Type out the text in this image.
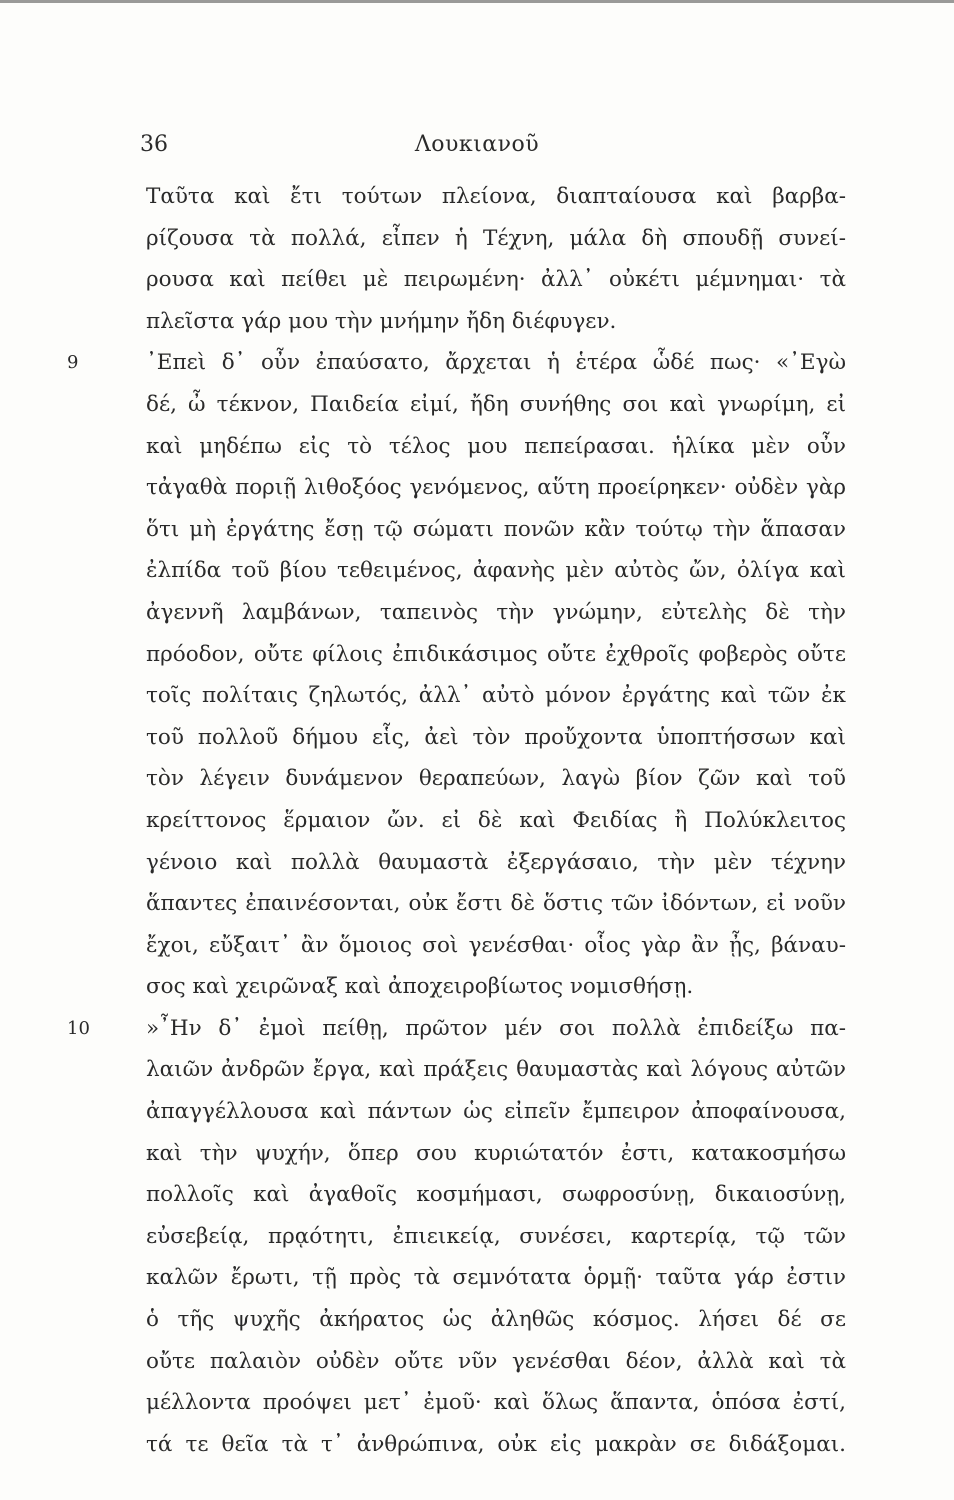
36	Λουκιανοῦ
Ταῦτα καὶ ἔτι τούτων πλείονα, διαπταίουσα καὶ βαρβα-
ρίζουσα τὰ πολλά, εἶπεν ἡ Τέχνη, μάλα δὴ σπουδῇ συνεί-
ρουσα καὶ πείθει μὲ πειρωμένη· ἀλλ᾿ οὐκέτι μέμνημαι· τὰ
πλεῖστα γάρ μου τὴν μνήμην ἤδη διέφυγεν.
9	᾿Επεὶ δ᾿ οὖν ἐπαύσατο, ἄρχεται ἡ ἑτέρα ὧδέ πως· «᾿Εγὼ
δέ, ὦ τέκνον, Παιδεία εἰμί, ἤδη συνήθης σοι καὶ γνωρίμη, εἰ
καὶ μηδέπω εἰς τὸ τέλος μου πεπείρασαι. ἡλίκα μὲν οὖν
τἀγαθὰ ποριῇ λιθοξόος γενόμενος, αὕτη προείρηκεν· οὐδὲν γὰρ
ὅτι μὴ ἐργάτης ἔσῃ τῷ σώματι πονῶν κἂν τούτῳ τὴν ἅπασαν
ἐλπίδα τοῦ βίου τεθειμένος, ἀφανὴς μὲν αὐτὸς ὤν, ὀλίγα καὶ
ἀγεννῆ λαμβάνων, ταπεινὸς τὴν γνώμην, εὐτελὴς δὲ τὴν
πρόοδον, οὔτε φίλοις ἐπιδικάσιμος οὔτε ἐχθροῖς φοβερὸς οὔτε
τοῖς πολίταις ζηλωτός, ἀλλ᾿ αὐτὸ μόνον ἐργάτης καὶ τῶν ἐκ
τοῦ πολλοῦ δήμου εἷς, ἀεὶ τὸν προὔχοντα ὑποπτήσσων καὶ
τὸν λέγειν δυνάμενον θεραπεύων, λαγὼ βίον ζῶν καὶ τοῦ
κρείττονος ἕρμαιον ὤν. εἰ δὲ καὶ Φειδίας ἢ Πολύκλειτος
γένοιο καὶ πολλὰ θαυμαστὰ ἐξεργάσαιο, τὴν μὲν τέχνην
ἅπαντες ἐπαινέσονται, οὐκ ἔστι δὲ ὅστις τῶν ἰδόντων, εἰ νοῦν
ἔχοι, εὔξαιτ᾿ ἂν ὅμοιος σοὶ γενέσθαι· οἷος γὰρ ἂν ᾖς, βάναυ-
σος καὶ χειρῶναξ καὶ ἀποχειροβίωτος νομισθήσῃ.
10	»῏Ην δ᾿ ἐμοὶ πείθῃ, πρῶτον μέν σοι πολλὰ ἐπιδείξω πα-
λαιῶν ἀνδρῶν ἔργα, καὶ πράξεις θαυμαστὰς καὶ λόγους αὐτῶν
ἀπαγγέλλουσα καὶ πάντων ὡς εἰπεῖν ἔμπειρον ἀποφαίνουσα,
καὶ τὴν ψυχήν, ὅπερ σου κυριώτατόν ἐστι, κατακοσμήσω
πολλοῖς καὶ ἀγαθοῖς κοσμήμασι, σωφροσύνῃ, δικαιοσύνῃ,
εὐσεβείᾳ, πρᾳότητι, ἐπιεικείᾳ, συνέσει, καρτερίᾳ, τῷ τῶν
καλῶν ἔρωτι, τῇ πρὸς τὰ σεμνότατα ὁρμῇ· ταῦτα γάρ ἐστιν
ὁ τῆς ψυχῆς ἀκήρατος ὡς ἀληθῶς κόσμος. λήσει δέ σε
οὔτε παλαιὸν οὐδὲν οὔτε νῦν γενέσθαι δέον, ἀλλὰ καὶ τὰ
μέλλοντα προόψει μετ᾿ ἐμοῦ· καὶ ὅλως ἅπαντα, ὁπόσα ἐστί,
τά τε θεῖα τὰ τ᾿ ἀνθρώπινα, οὐκ εἰς μακρὰν σε διδάξομαι.
